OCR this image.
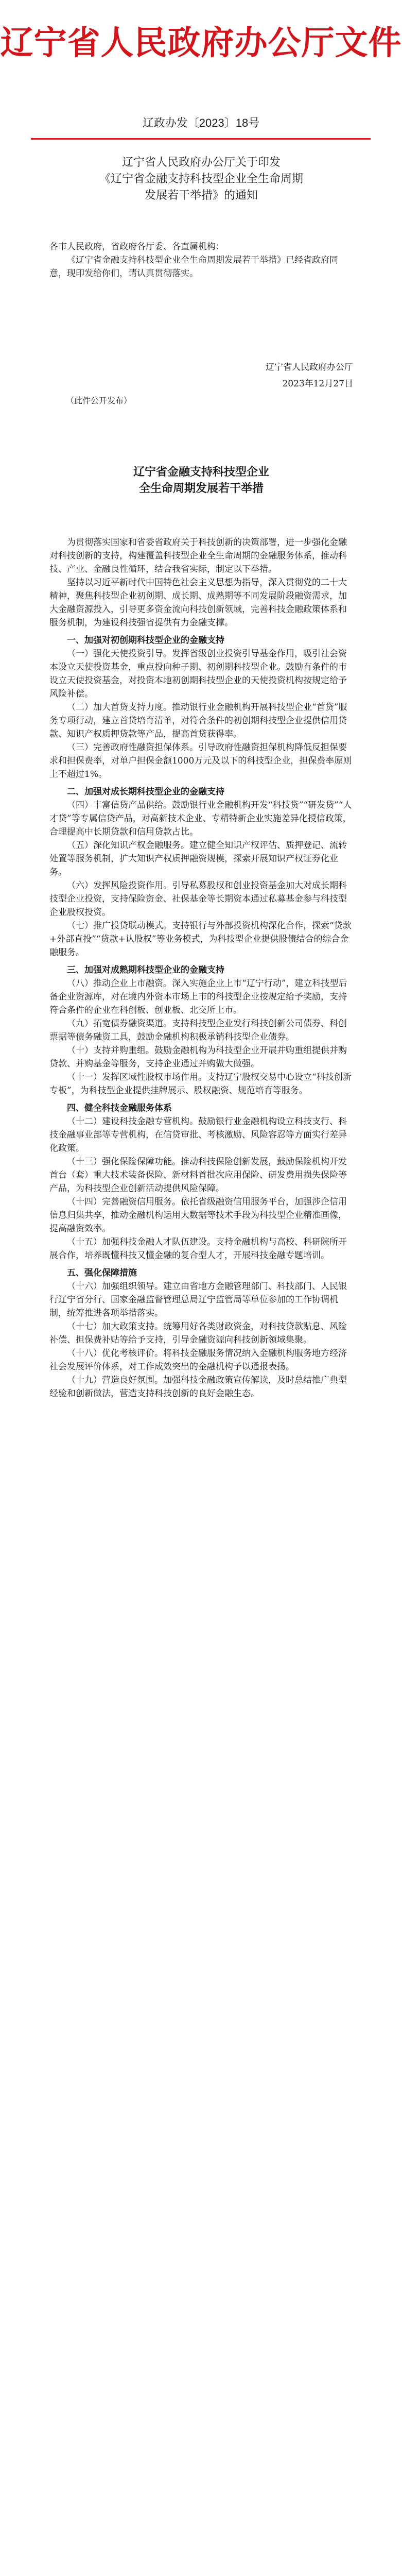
辽宁省人民政府办公厅文件
辽政办发〔2023〕18号
辽宁省人民政府办公厅关于印发
《辽宁省金融支持科技型企业全生命周期
发展若干举措》的通知
各市人民政府，省政府各厅委、各直属机构：

《辽宁省金融支持科技型企业全生命周期发展若干举措》已经省政府同意，现印发给你们，请认真贯彻落实。

辽宁省人民政府办公厅
2023年12月27日
（此件公开发布）
辽宁省金融支持科技型企业
全生命周期发展若干举措

为贯彻落实国家和省委省政府关于科技创新的决策部署，进一步强化金融对科技创新的支持，构建覆盖科技型企业全生命周期的金融服务体系，推动科技、产业、金融良性循环，结合我省实际，制定以下举措。

坚持以习近平新时代中国特色社会主义思想为指导，深入贯彻党的二十大精神，聚焦科技型企业初创期、成长期、成熟期等不同发展阶段融资需求，加大金融资源投入，引导更多资金流向科技创新领域，完善科技金融政策体系和服务机制，为建设科技强省提供有力金融支撑。

一、加强对初创期科技型企业的金融支持

（一）强化天使投资引导。发挥省级创业投资引导基金作用，吸引社会资本设立天使投资基金，重点投向种子期、初创期科技型企业。鼓励有条件的市设立天使投资基金，对投资本地初创期科技型企业的天使投资机构按规定给予风险补偿。

（二）加大首贷支持力度。推动银行业金融机构开展科技型企业“首贷”服务专项行动，建立首贷培育清单，对符合条件的初创期科技型企业提供信用贷款、知识产权质押贷款等产品，提高首贷获得率。

（三）完善政府性融资担保体系。引导政府性融资担保机构降低反担保要求和担保费率，对单户担保金额1000万元及以下的科技型企业，担保费率原则上不超过1%。

二、加强对成长期科技型企业的金融支持

（四）丰富信贷产品供给。鼓励银行业金融机构开发“科技贷”“研发贷”“人才贷”等专属信贷产品，对高新技术企业、专精特新企业实施差异化授信政策，合理提高中长期贷款和信用贷款占比。

（五）深化知识产权金融服务。建立健全知识产权评估、质押登记、流转处置等服务机制，扩大知识产权质押融资规模，探索开展知识产权证券化业务。

（六）发挥风险投资作用。引导私募股权和创业投资基金加大对成长期科技型企业投资，支持保险资金、社保基金等长期资本通过私募基金参与科技型企业股权投资。

（七）推广投贷联动模式。支持银行与外部投资机构深化合作，探索“贷款+外部直投”“贷款+认股权”等业务模式，为科技型企业提供股债结合的综合金融服务。

三、加强对成熟期科技型企业的金融支持

（八）推动企业上市融资。深入实施企业上市“辽宁行动”，建立科技型后备企业资源库，对在境内外资本市场上市的科技型企业按规定给予奖励，支持符合条件的企业在科创板、创业板、北交所上市。

（九）拓宽债券融资渠道。支持科技型企业发行科技创新公司债券、科创票据等债务融资工具，鼓励金融机构积极承销科技型企业债券。

（十）支持并购重组。鼓励金融机构为科技型企业开展并购重组提供并购贷款、并购基金等服务，支持企业通过并购做大做强。

（十一）发挥区域性股权市场作用。支持辽宁股权交易中心设立“科技创新专板”，为科技型企业提供挂牌展示、股权融资、规范培育等服务。

四、健全科技金融服务体系

（十二）建设科技金融专营机构。鼓励银行业金融机构设立科技支行、科技金融事业部等专营机构，在信贷审批、考核激励、风险容忍等方面实行差异化政策。

（十三）强化保险保障功能。推动科技保险创新发展，鼓励保险机构开发首台（套）重大技术装备保险、新材料首批次应用保险、研发费用损失保险等产品，为科技型企业创新活动提供风险保障。

（十四）完善融资信用服务。依托省级融资信用服务平台，加强涉企信用信息归集共享，推动金融机构运用大数据等技术手段为科技型企业精准画像，提高融资效率。

（十五）加强科技金融人才队伍建设。支持金融机构与高校、科研院所开展合作，培养既懂科技又懂金融的复合型人才，开展科技金融专题培训。

五、强化保障措施

（十六）加强组织领导。建立由省地方金融管理部门、科技部门、人民银行辽宁省分行、国家金融监督管理总局辽宁监管局等单位参加的工作协调机制，统筹推进各项举措落实。

（十七）加大政策支持。统筹用好各类财政资金，对科技贷款贴息、风险补偿、担保费补贴等给予支持，引导金融资源向科技创新领域集聚。

（十八）优化考核评价。将科技金融服务情况纳入金融机构服务地方经济社会发展评价体系，对工作成效突出的金融机构予以通报表扬。

（十九）营造良好氛围。加强科技金融政策宣传解读，及时总结推广典型经验和创新做法，营造支持科技创新的良好金融生态。
